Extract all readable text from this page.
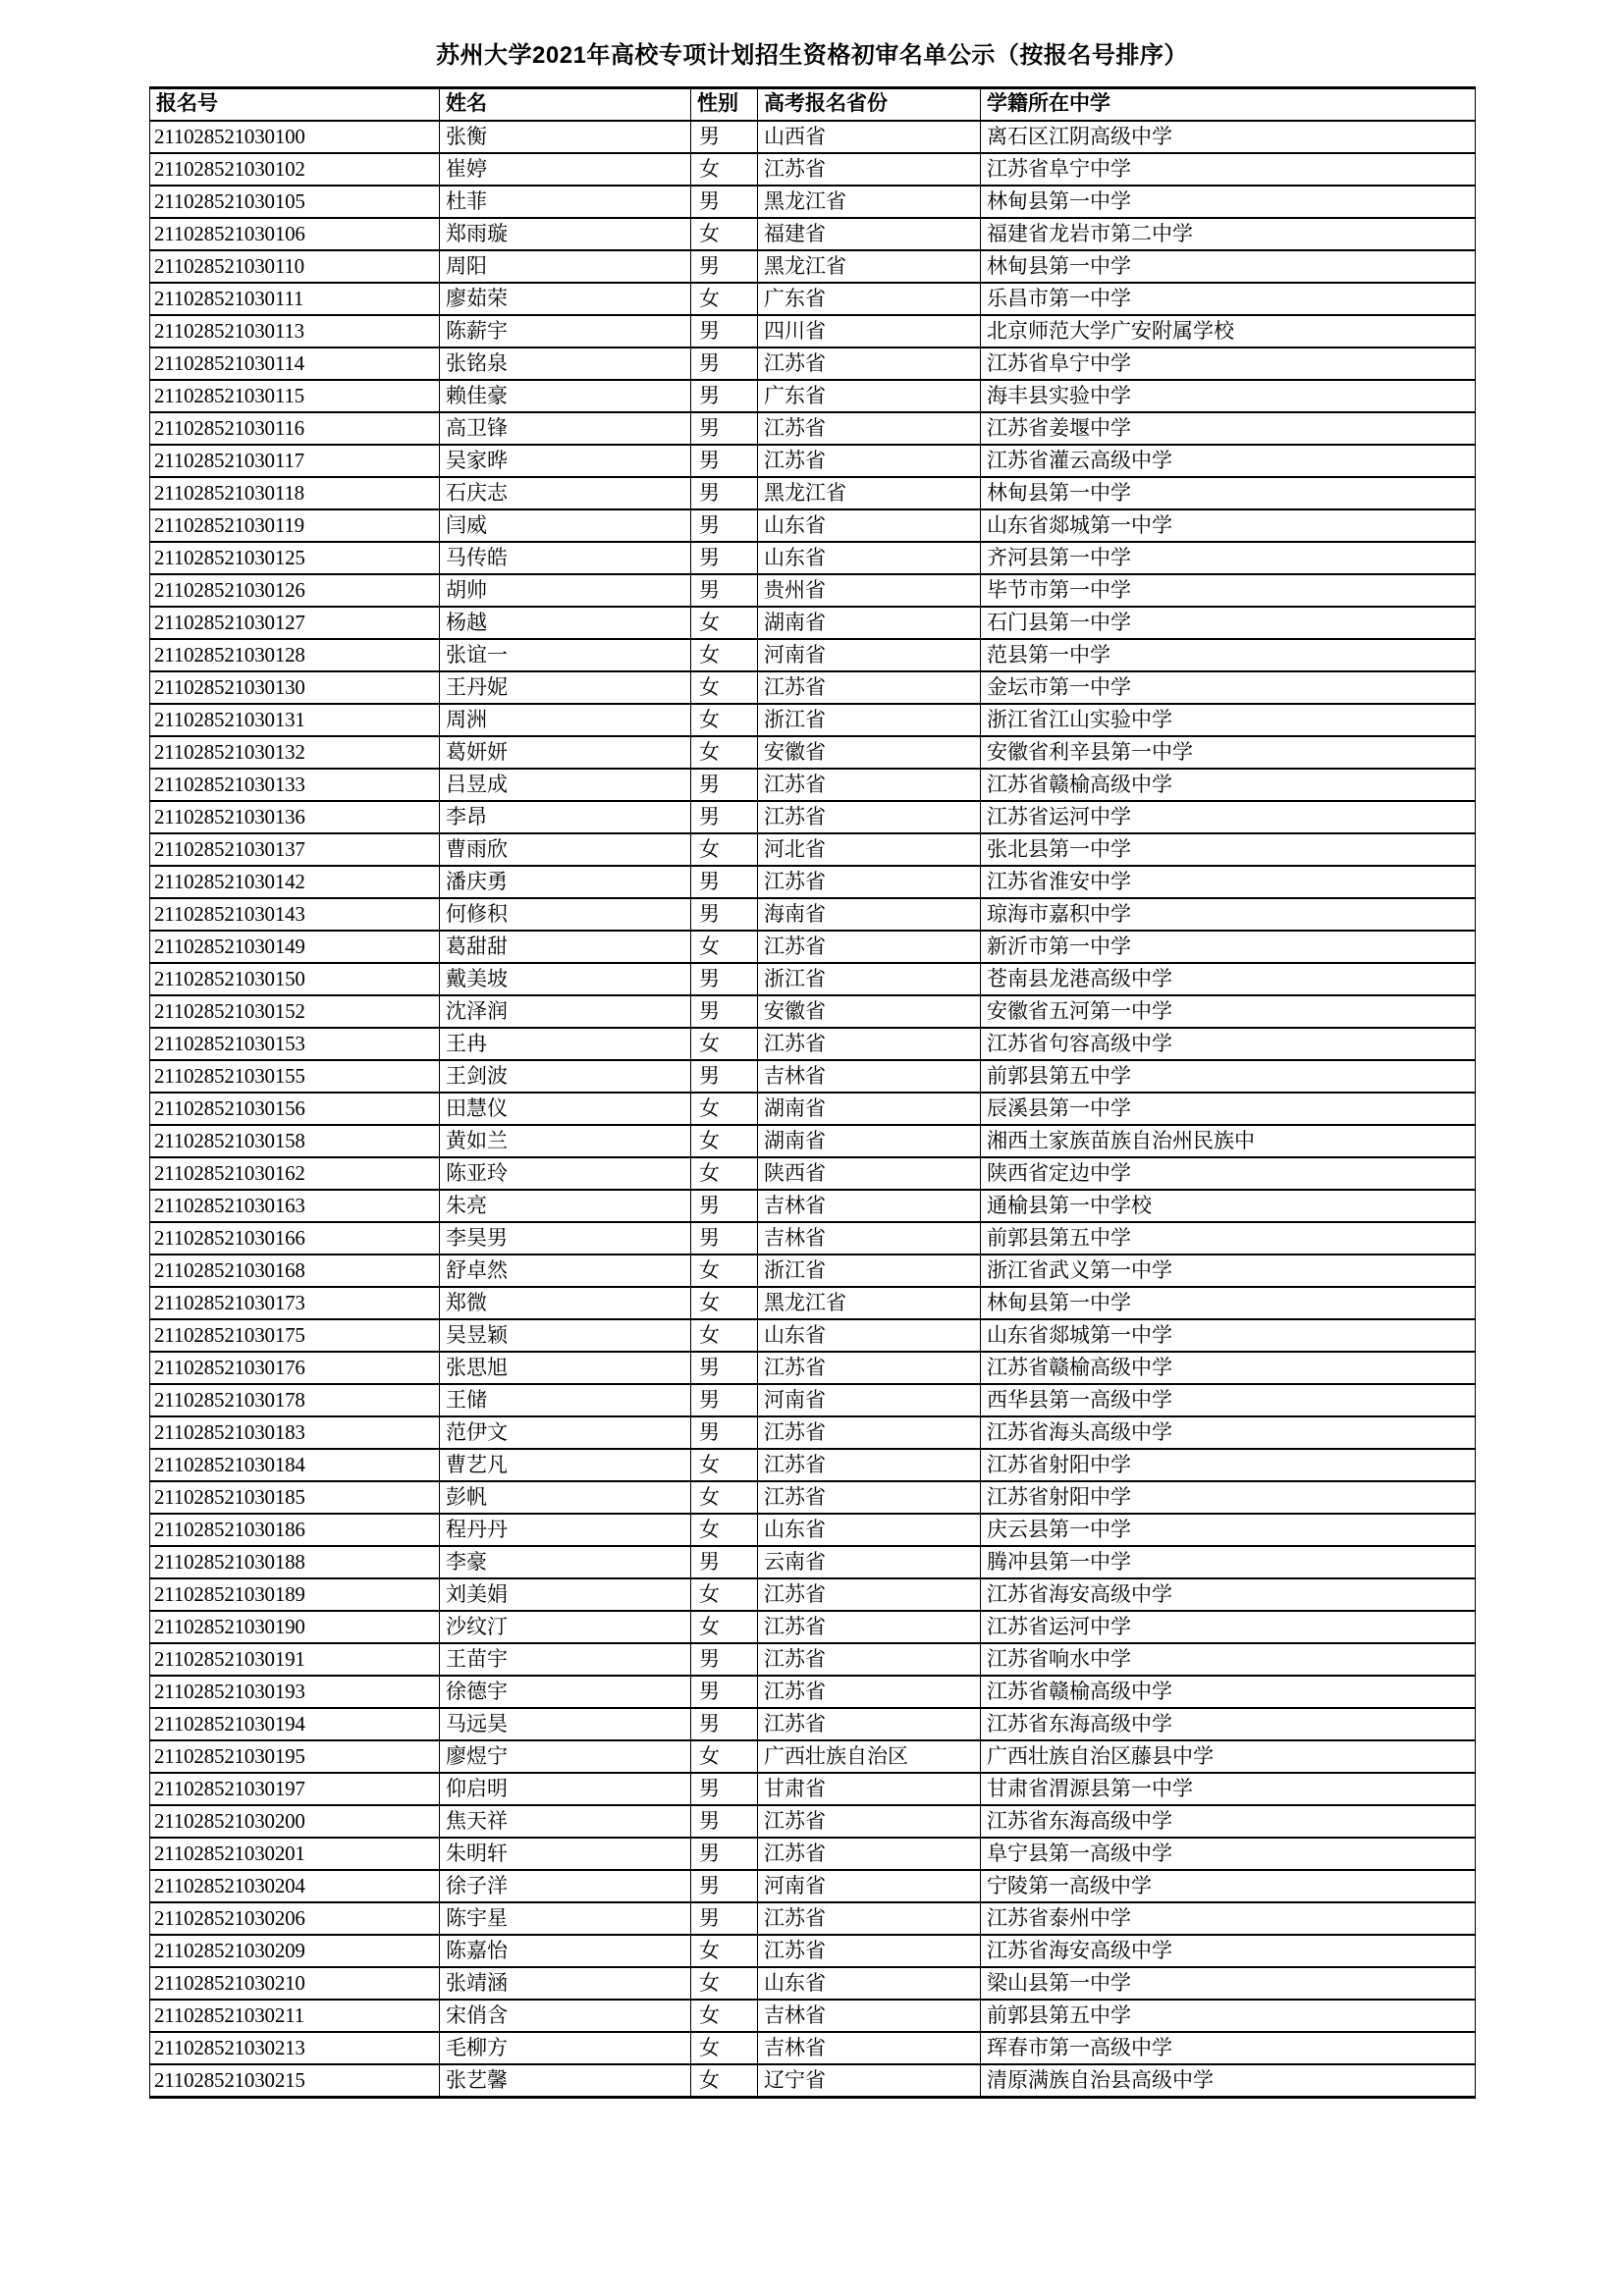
苏州大学2021年高校专项计划招生资格初审名单公示（按报名号排序）
报名号	姓名	性别	高考报名省份	学籍所在中学
211028521030100	张衡	男	山西省	离石区江阴高级中学
211028521030102	崔婷	女	江苏省	江苏省阜宁中学
211028521030105	杜菲	男	黑龙江省	林甸县第一中学
211028521030106	郑雨璇	女	福建省	福建省龙岩市第二中学
211028521030110	周阳	男	黑龙江省	林甸县第一中学
211028521030111	廖茹荣	女	广东省	乐昌市第一中学
211028521030113	陈薪宇	男	四川省	北京师范大学广安附属学校
211028521030114	张铭泉	男	江苏省	江苏省阜宁中学
211028521030115	赖佳豪	男	广东省	海丰县实验中学
211028521030116	高卫锋	男	江苏省	江苏省姜堰中学
211028521030117	吴家晔	男	江苏省	江苏省灌云高级中学
211028521030118	石庆志	男	黑龙江省	林甸县第一中学
211028521030119	闫威	男	山东省	山东省郯城第一中学
211028521030125	马传皓	男	山东省	齐河县第一中学
211028521030126	胡帅	男	贵州省	毕节市第一中学
211028521030127	杨越	女	湖南省	石门县第一中学
211028521030128	张谊一	女	河南省	范县第一中学
211028521030130	王丹妮	女	江苏省	金坛市第一中学
211028521030131	周洲	女	浙江省	浙江省江山实验中学
211028521030132	葛妍妍	女	安徽省	安徽省利辛县第一中学
211028521030133	吕昱成	男	江苏省	江苏省赣榆高级中学
211028521030136	李昂	男	江苏省	江苏省运河中学
211028521030137	曹雨欣	女	河北省	张北县第一中学
211028521030142	潘庆勇	男	江苏省	江苏省淮安中学
211028521030143	何修积	男	海南省	琼海市嘉积中学
211028521030149	葛甜甜	女	江苏省	新沂市第一中学
211028521030150	戴美坡	男	浙江省	苍南县龙港高级中学
211028521030152	沈泽润	男	安徽省	安徽省五河第一中学
211028521030153	王冉	女	江苏省	江苏省句容高级中学
211028521030155	王剑波	男	吉林省	前郭县第五中学
211028521030156	田慧仪	女	湖南省	辰溪县第一中学
211028521030158	黄如兰	女	湖南省	湘西土家族苗族自治州民族中
211028521030162	陈亚玲	女	陕西省	陕西省定边中学
211028521030163	朱亮	男	吉林省	通榆县第一中学校
211028521030166	李昊男	男	吉林省	前郭县第五中学
211028521030168	舒卓然	女	浙江省	浙江省武义第一中学
211028521030173	郑微	女	黑龙江省	林甸县第一中学
211028521030175	吴昱颖	女	山东省	山东省郯城第一中学
211028521030176	张思旭	男	江苏省	江苏省赣榆高级中学
211028521030178	王储	男	河南省	西华县第一高级中学
211028521030183	范伊文	男	江苏省	江苏省海头高级中学
211028521030184	曹艺凡	女	江苏省	江苏省射阳中学
211028521030185	彭帆	女	江苏省	江苏省射阳中学
211028521030186	程丹丹	女	山东省	庆云县第一中学
211028521030188	李豪	男	云南省	腾冲县第一中学
211028521030189	刘美娟	女	江苏省	江苏省海安高级中学
211028521030190	沙纹汀	女	江苏省	江苏省运河中学
211028521030191	王苗宇	男	江苏省	江苏省响水中学
211028521030193	徐德宇	男	江苏省	江苏省赣榆高级中学
211028521030194	马远昊	男	江苏省	江苏省东海高级中学
211028521030195	廖煜宁	女	广西壮族自治区	广西壮族自治区藤县中学
211028521030197	仰启明	男	甘肃省	甘肃省渭源县第一中学
211028521030200	焦天祥	男	江苏省	江苏省东海高级中学
211028521030201	朱明轩	男	江苏省	阜宁县第一高级中学
211028521030204	徐子洋	男	河南省	宁陵第一高级中学
211028521030206	陈宇星	男	江苏省	江苏省泰州中学
211028521030209	陈嘉怡	女	江苏省	江苏省海安高级中学
211028521030210	张靖涵	女	山东省	梁山县第一中学
211028521030211	宋俏含	女	吉林省	前郭县第五中学
211028521030213	毛柳方	女	吉林省	珲春市第一高级中学
211028521030215	张艺馨	女	辽宁省	清原满族自治县高级中学
